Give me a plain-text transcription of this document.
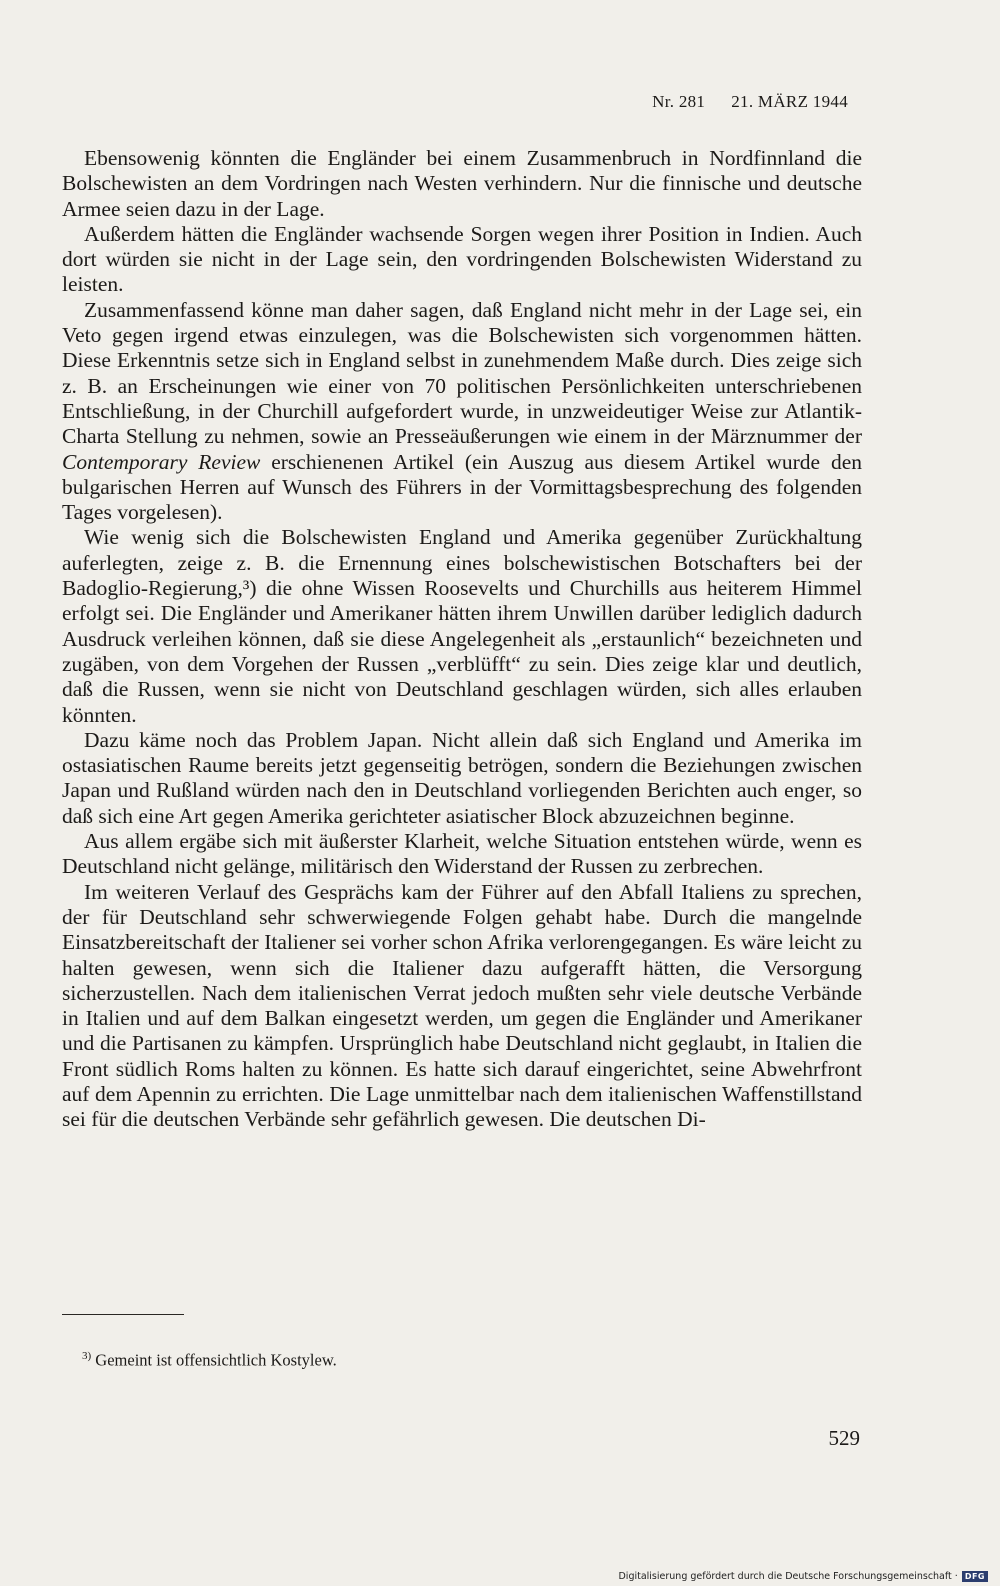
Nr. 281 21. MÄRZ 1944

Ebensowenig könnten die Engländer bei einem Zusammenbruch in Nordfinnland die Bolschewisten an dem Vordringen nach Westen verhindern. Nur die finnische und deutsche Armee seien dazu in der Lage.

Außerdem hätten die Engländer wachsende Sorgen wegen ihrer Position in Indien. Auch dort würden sie nicht in der Lage sein, den vordringenden Bolschewisten Widerstand zu leisten.

Zusammenfassend könne man daher sagen, daß England nicht mehr in der Lage sei, ein Veto gegen irgend etwas einzulegen, was die Bolschewisten sich vorgenommen hätten. Diese Erkenntnis setze sich in England selbst in zunehmendem Maße durch. Dies zeige sich z. B. an Erscheinungen wie einer von 70 politischen Persönlichkeiten unterschriebenen Entschließung, in der Churchill aufgefordert wurde, in unzweideutiger Weise zur Atlantik-Charta Stellung zu nehmen, sowie an Presseäußerungen wie einem in der Märznummer der Contemporary Review erschienenen Artikel (ein Auszug aus diesem Artikel wurde den bulgarischen Herren auf Wunsch des Führers in der Vormittagsbesprechung des folgenden Tages vorgelesen).

Wie wenig sich die Bolschewisten England und Amerika gegenüber Zurückhaltung auferlegten, zeige z. B. die Ernennung eines bolschewistischen Botschafters bei der Badoglio-Regierung,³) die ohne Wissen Roosevelts und Churchills aus heiterem Himmel erfolgt sei. Die Engländer und Amerikaner hätten ihrem Unwillen darüber lediglich dadurch Ausdruck verleihen können, daß sie diese Angelegenheit als „erstaunlich“ bezeichneten und zugäben, von dem Vorgehen der Russen „verblüfft“ zu sein. Dies zeige klar und deutlich, daß die Russen, wenn sie nicht von Deutschland geschlagen würden, sich alles erlauben könnten.

Dazu käme noch das Problem Japan. Nicht allein daß sich England und Amerika im ostasiatischen Raume bereits jetzt gegenseitig betrögen, sondern die Beziehungen zwischen Japan und Rußland würden nach den in Deutschland vorliegenden Berichten auch enger, so daß sich eine Art gegen Amerika gerichteter asiatischer Block abzuzeichnen beginne.

Aus allem ergäbe sich mit äußerster Klarheit, welche Situation entstehen würde, wenn es Deutschland nicht gelänge, militärisch den Widerstand der Russen zu zerbrechen.

Im weiteren Verlauf des Gesprächs kam der Führer auf den Abfall Italiens zu sprechen, der für Deutschland sehr schwerwiegende Folgen gehabt habe. Durch die mangelnde Einsatzbereitschaft der Italiener sei vorher schon Afrika verlorengegangen. Es wäre leicht zu halten gewesen, wenn sich die Italiener dazu aufgerafft hätten, die Versorgung sicherzustellen. Nach dem italienischen Verrat jedoch mußten sehr viele deutsche Verbände in Italien und auf dem Balkan eingesetzt werden, um gegen die Engländer und Amerikaner und die Partisanen zu kämpfen. Ursprünglich habe Deutschland nicht geglaubt, in Italien die Front südlich Roms halten zu können. Es hatte sich darauf eingerichtet, seine Abwehrfront auf dem Apennin zu errichten. Die Lage unmittelbar nach dem italienischen Waffenstillstand sei für die deutschen Verbände sehr gefährlich gewesen. Die deutschen Di-

$^{3)}$ Gemeint ist offensichtlich Kostylew.
529
Digitalisierung gefördert durch die Deutsche Forschungsgemeinschaft · DFG
